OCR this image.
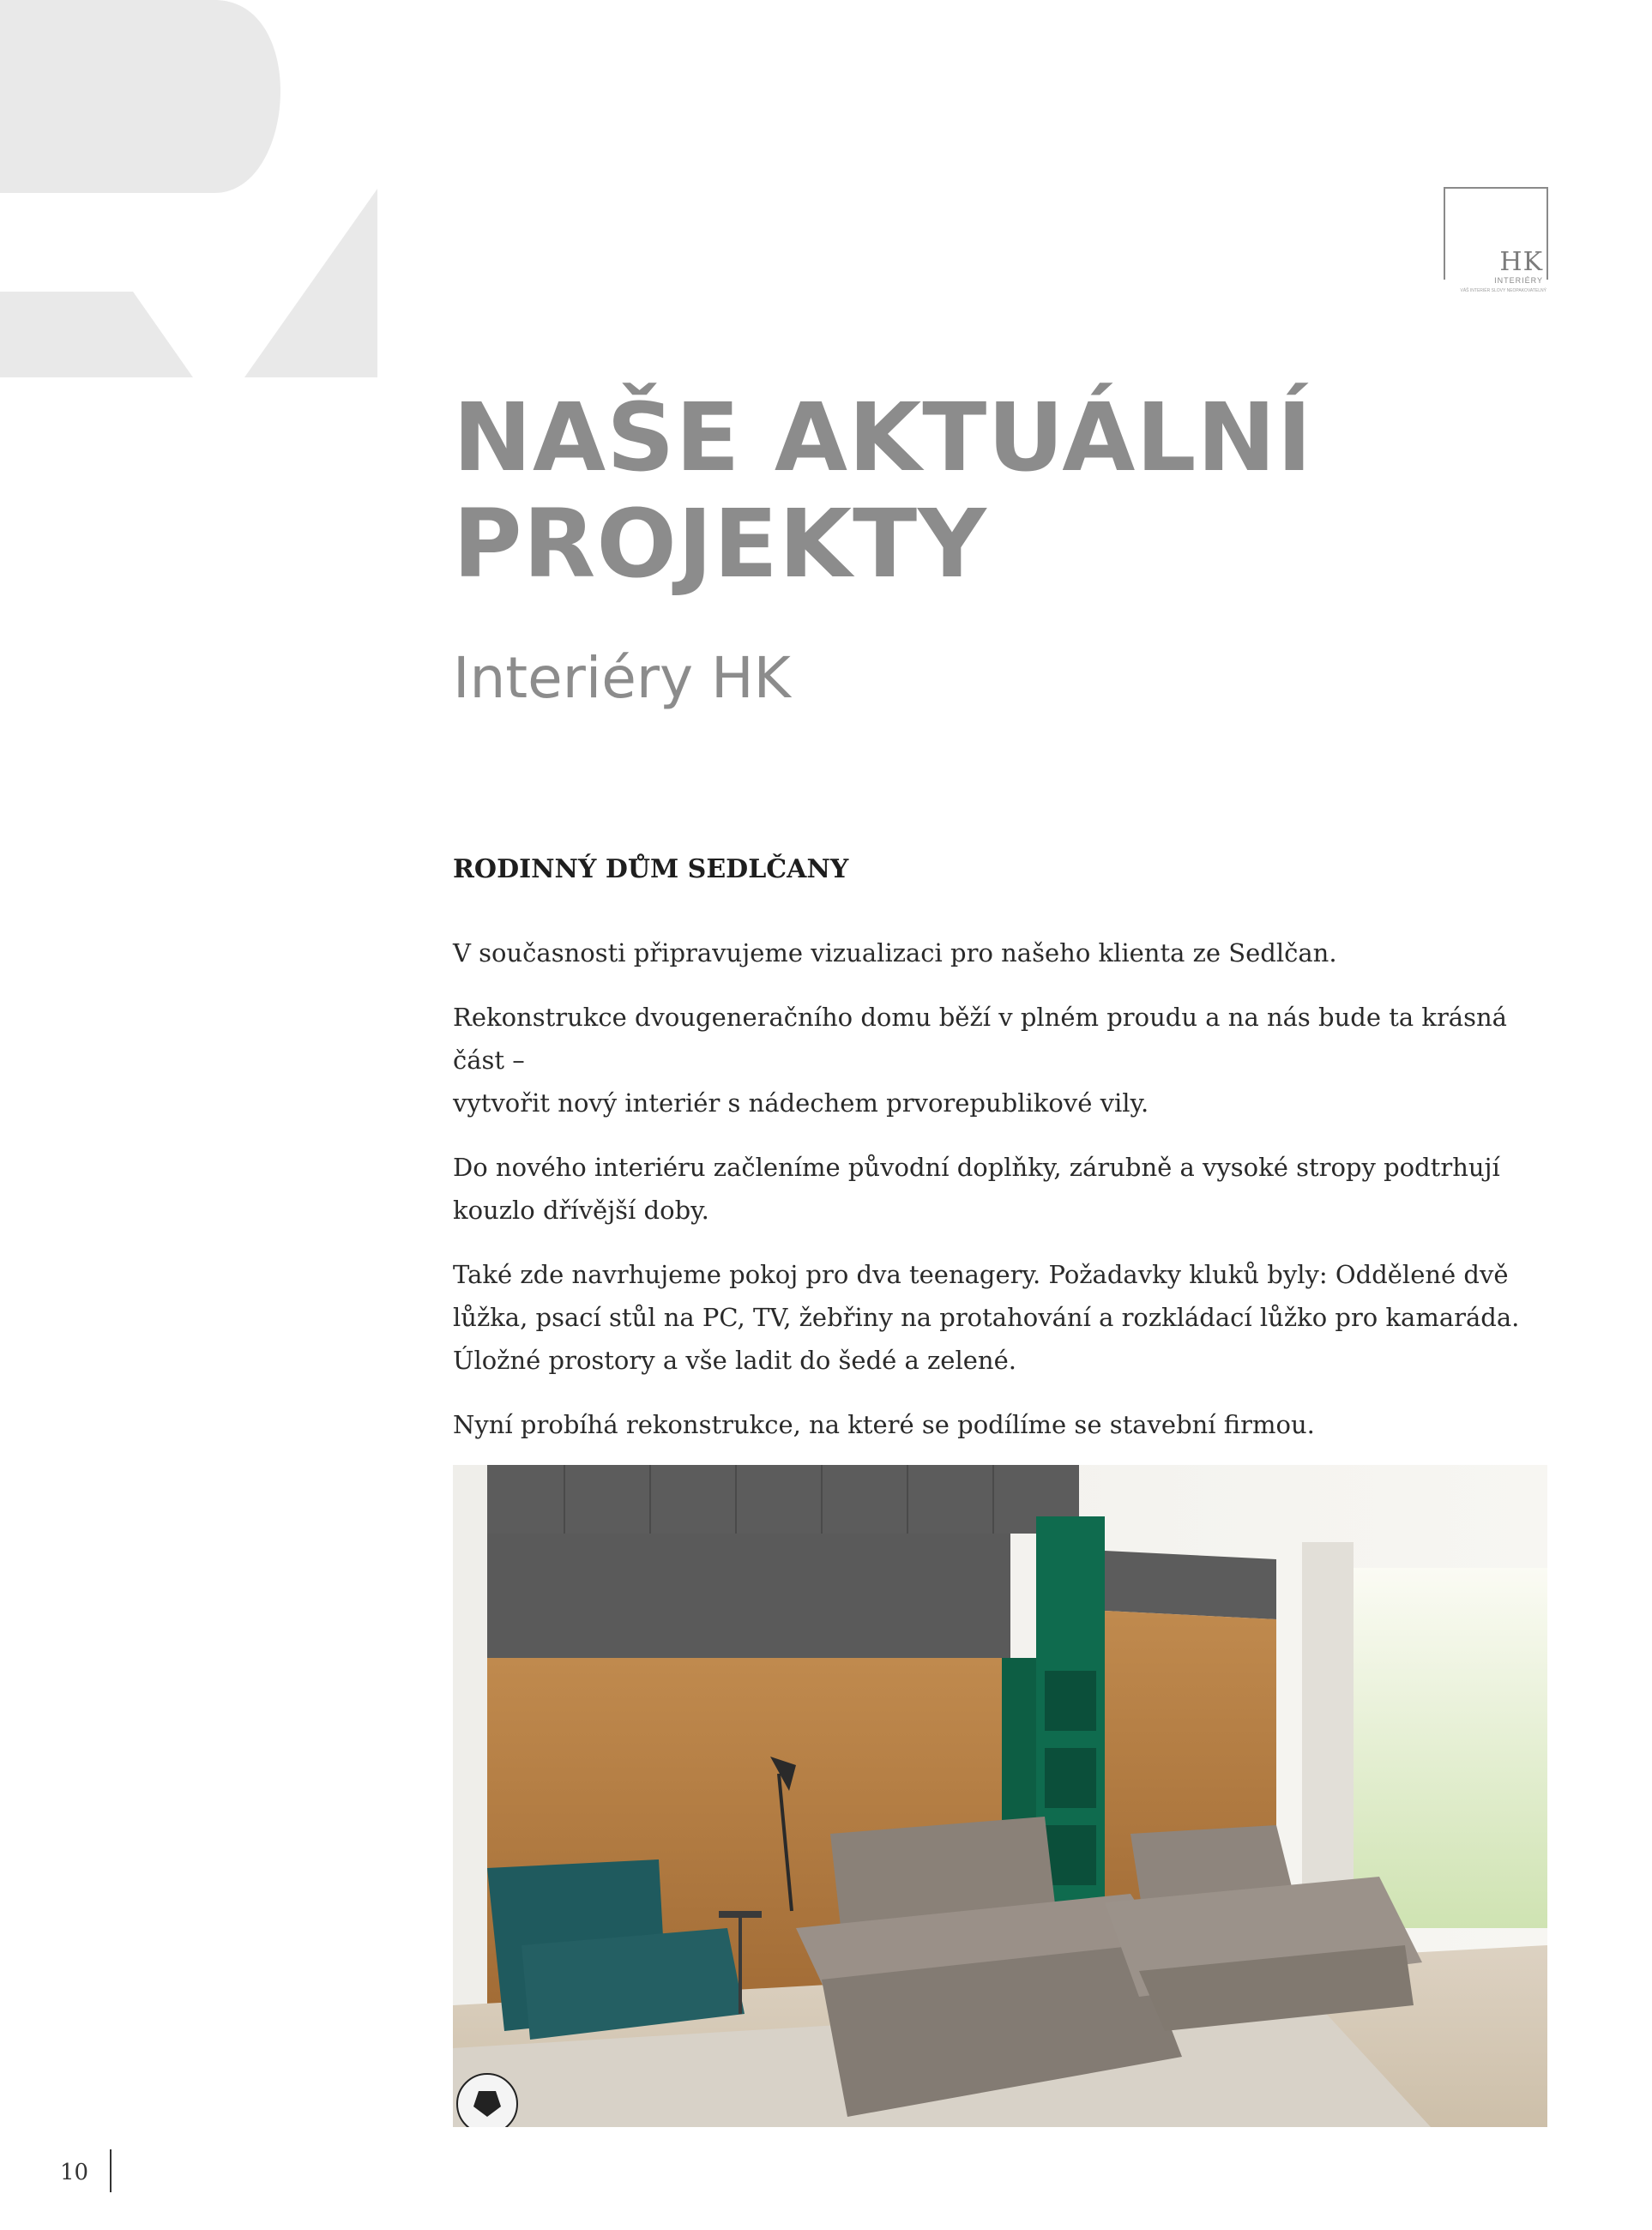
HK
INTERIÉRY
VÁŠ INTERIÉR SLOVY NEOPAKOVATELNÝ
NAŠE AKTUÁLNÍ
PROJEKTY
Interiéry HK
RODINNÝ DŮM SEDLČANY

V současnosti připravujeme vizualizaci pro našeho klienta ze Sedlčan.

Rekonstrukce dvougeneračního domu běží v plném proudu a na nás bude ta krásná část –
vytvořit nový interiér s nádechem prvorepublikové vily.

Do nového interiéru začleníme původní doplňky, zárubně a vysoké stropy podtrhují
kouzlo dřívější doby.

Také zde navrhujeme pokoj pro dva teenagery. Požadavky kluků byly: Oddělené dvě
lůžka, psací stůl na PC, TV, žebřiny na protahování a rozkládací lůžko pro kamaráda.
Úložné prostory a vše ladit do šedé a zelené.

Nyní probíhá rekonstrukce, na které se podílíme se stavební firmou.

10
